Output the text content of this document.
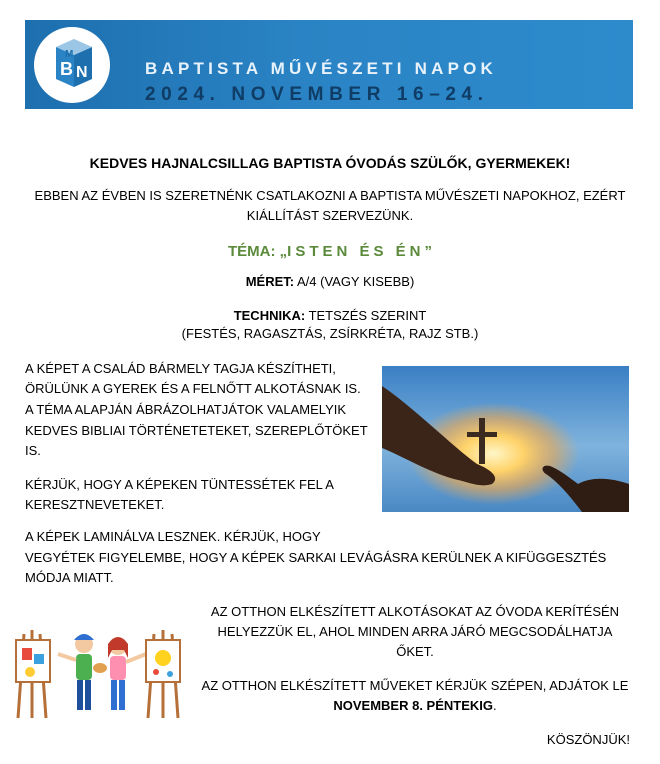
B N
M
BAPTISTA MŰVÉSZETI NAPOK
2024. NOVEMBER 16–24.
KEDVES HAJNALCSILLAG BAPTISTA ÓVODÁS SZÜLŐK, GYERMEKEK!
EBBEN AZ ÉVBEN IS SZERETNÉNK CSATLAKOZNI A BAPTISTA MŰVÉSZETI NAPOKHOZ, EZÉRT
KIÁLLÍTÁST SZERVEZÜNK.
TÉMA: „ISTEN ÉS ÉN”
MÉRET: A/4 (VAGY KISEBB)
TECHNIKA: TETSZÉS SZERINT
(FESTÉS, RAGASZTÁS, ZSÍRKRÉTA, RAJZ STB.)
A KÉPET A CSALÁD BÁRMELY TAGJA KÉSZÍTHETI,
ÖRÜLÜNK A GYEREK ÉS A FELNŐTT ALKOTÁSNAK IS.
A TÉMA ALAPJÁN ÁBRÁZOLHATJÁTOK VALAMELYIK
KEDVES BIBLIAI TÖRTÉNETETEKET, SZEREPLŐTÖKET
IS.
KÉRJÜK, HOGY A KÉPEKEN TÜNTESSÉTEK FEL A
KERESZTNEVETEKET.
A KÉPEK LAMINÁLVA LESZNEK. KÉRJÜK, HOGY
VEGYÉTEK FIGYELEMBE, HOGY A KÉPEK SARKAI LEVÁGÁSRA KERÜLNEK A KIFÜGGESZTÉS
MÓDJA MIATT.
AZ OTTHON ELKÉSZÍTETT ALKOTÁSOKAT AZ ÓVODA KERÍTÉSÉN
HELYEZZÜK EL, AHOL MINDEN ARRA JÁRÓ MEGCSODÁLHATJA
ŐKET.
AZ OTTHON ELKÉSZÍTETT MŰVEKET KÉRJÜK SZÉPEN, ADJÁTOK LE
NOVEMBER 8. PÉNTEKIG.
KÖSZÖNJÜK!
